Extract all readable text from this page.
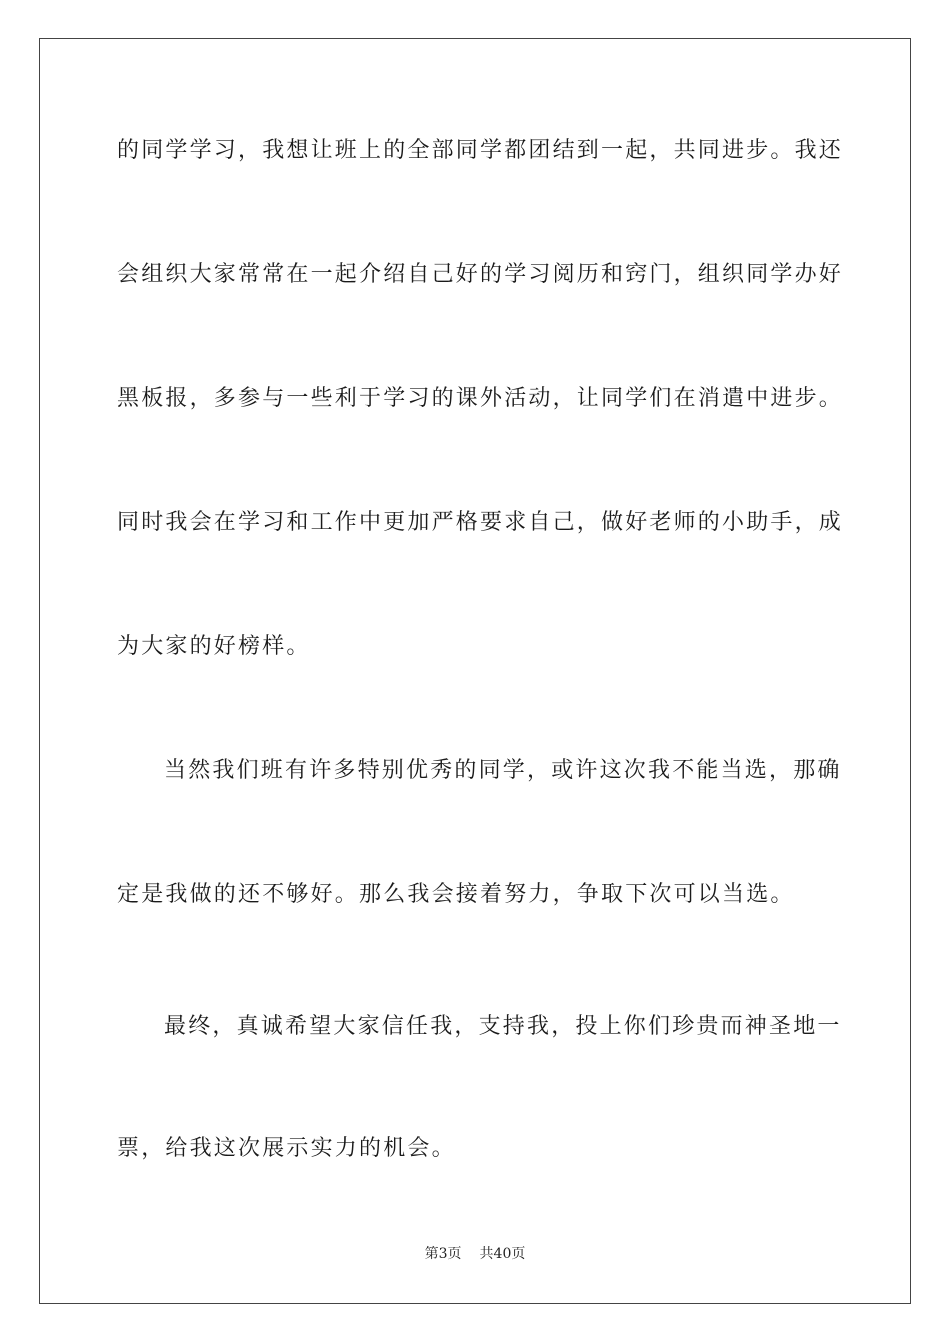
的同学学习，我想让班上的全部同学都团结到一起，共同进步。我还
会组织大家常常在一起介绍自己好的学习阅历和窍门，组织同学办好
黑板报，多参与一些利于学习的课外活动，让同学们在消遣中进步。
同时我会在学习和工作中更加严格要求自己，做好老师的小助手，成
为大家的好榜样。
当然我们班有许多特别优秀的同学，或许这次我不能当选，那确
定是我做的还不够好。那么我会接着努力，争取下次可以当选。
最终，真诚希望大家信任我，支持我，投上你们珍贵而神圣地一
票，给我这次展示实力的机会。
第3页 共40页
